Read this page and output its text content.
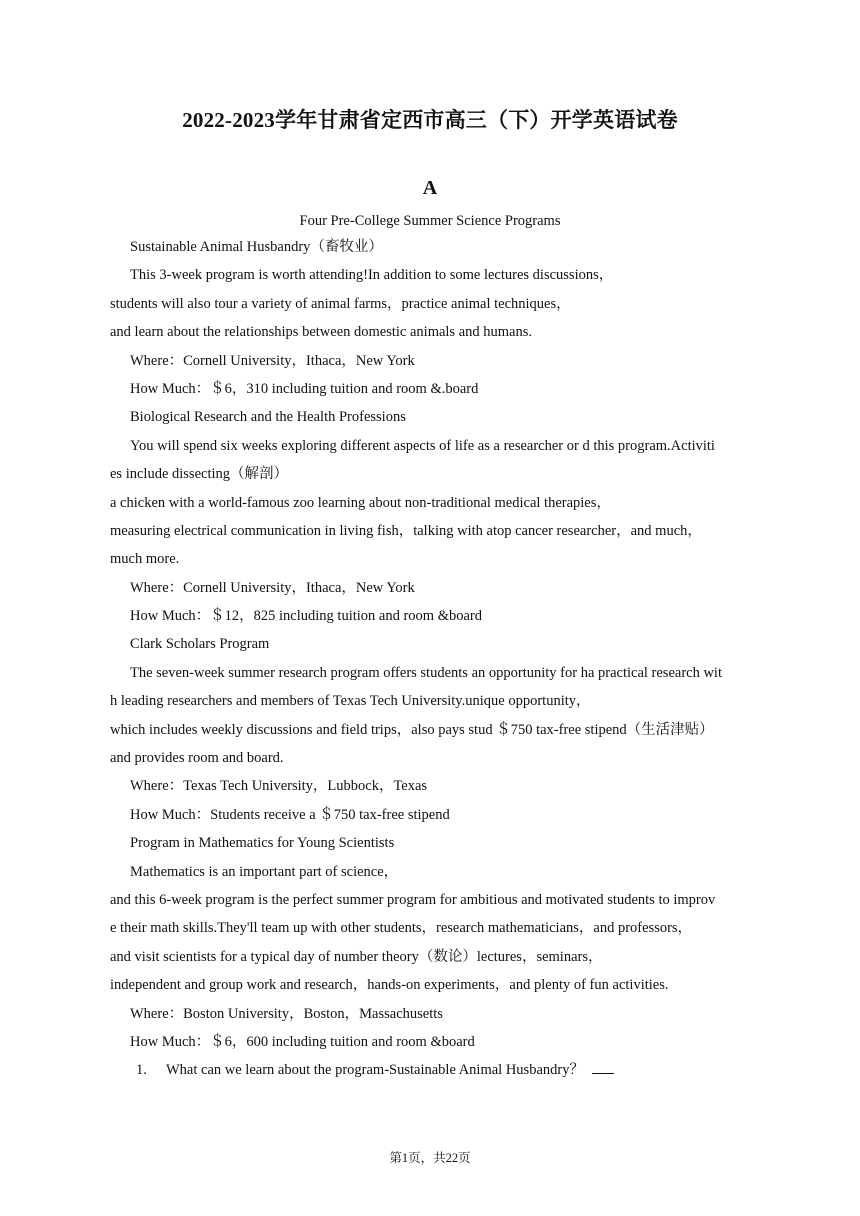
2022-2023学年甘肃省定西市高三（下）开学英语试卷
A
Four Pre-College Summer Science Programs
Sustainable Animal Husbandry（畜牧业）
This 3-week program is worth attending!In addition to some lectures discussions，
students will also tour a variety of animal farms，practice animal techniques，
and learn about the relationships between domestic animals and humans.
Where：Cornell University，Ithaca，New York
How Much：＄6，310 including tuition and room &.board
Biological Research and the Health Professions
You will spend six weeks exploring different aspects of life as a researcher or d this program.Activiti
es include dissecting（解剖）
a chicken with a world-famous zoo learning about non-traditional medical therapies，
measuring electrical communication in living fish，talking with atop cancer researcher，and much，
much more.
Where：Cornell University，Ithaca，New York
How Much：＄12，825 including tuition and room &board
Clark Scholars Program
The seven-week summer research program offers students an opportunity for ha practical research wit
h leading researchers and members of Texas Tech University.unique opportunity，
which includes weekly discussions and field trips，also pays stud ＄750 tax-free stipend（生活津贴）
and provides room and board.
Where：Texas Tech University，Lubbock，Texas
How Much：Students receive a ＄750 tax-free stipend
Program in Mathematics for Young Scientists
Mathematics is an important part of science，
and this 6-week program is the perfect summer program for ambitious and motivated students to improv
e their math skills.They'll team up with other students，research mathematicians，and professors，
and visit scientists for a typical day of number theory（数论）lectures，seminars，
independent and group work and research，hands-on experiments，and plenty of fun activities.
Where：Boston University，Boston，Massachusetts
How Much：＄6，600 including tuition and room &board
1. What can we learn about the program-Sustainable Animal Husbandry？
第1页，共22页
